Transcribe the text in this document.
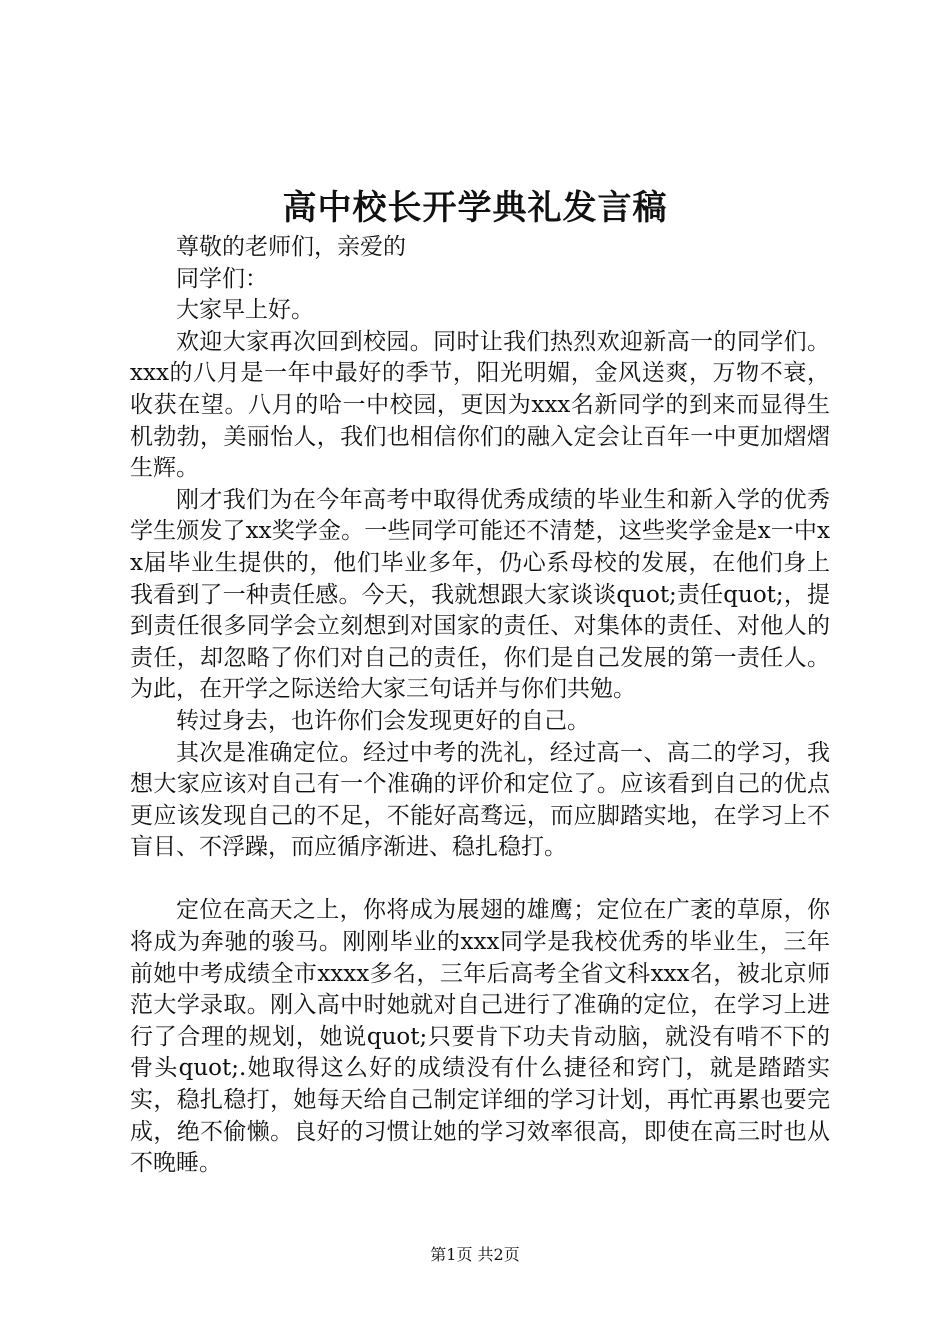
高中校长开学典礼发言稿

尊敬的老师们，亲爱的

同学们：

大家早上好。

欢迎大家再次回到校园。同时让我们热烈欢迎新高一的同学们。xxx的八月是一年中最好的季节，阳光明媚，金风送爽，万物不衰，收获在望。八月的哈一中校园，更因为xxx名新同学的到来而显得生机勃勃，美丽怡人，我们也相信你们的融入定会让百年一中更加熠熠生辉。

刚才我们为在今年高考中取得优秀成绩的毕业生和新入学的优秀学生颁发了xx奖学金。一些同学可能还不清楚，这些奖学金是x一中xx届毕业生提供的，他们毕业多年，仍心系母校的发展，在他们身上我看到了一种责任感。今天，我就想跟大家谈谈quot;责任quot;，提到责任很多同学会立刻想到对国家的责任、对集体的责任、对他人的责任，却忽略了你们对自己的责任，你们是自己发展的第一责任人。为此，在开学之际送给大家三句话并与你们共勉。

转过身去，也许你们会发现更好的自己。

其次是准确定位。经过中考的洗礼，经过高一、高二的学习，我想大家应该对自己有一个准确的评价和定位了。应该看到自己的优点更应该发现自己的不足，不能好高骛远，而应脚踏实地，在学习上不盲目、不浮躁，而应循序渐进、稳扎稳打。

定位在高天之上，你将成为展翅的雄鹰；定位在广袤的草原，你将成为奔驰的骏马。刚刚毕业的xxx同学是我校优秀的毕业生，三年前她中考成绩全市xxxx多名，三年后高考全省文科xxx名，被北京师范大学录取。刚入高中时她就对自己进行了准确的定位，在学习上进行了合理的规划，她说quot;只要肯下功夫肯动脑，就没有啃不下的骨头quot;.她取得这么好的成绩没有什么捷径和窍门，就是踏踏实实，稳扎稳打，她每天给自己制定详细的学习计划，再忙再累也要完成，绝不偷懒。良好的习惯让她的学习效率很高，即使在高三时也从不晚睡。

第1页 共2页
